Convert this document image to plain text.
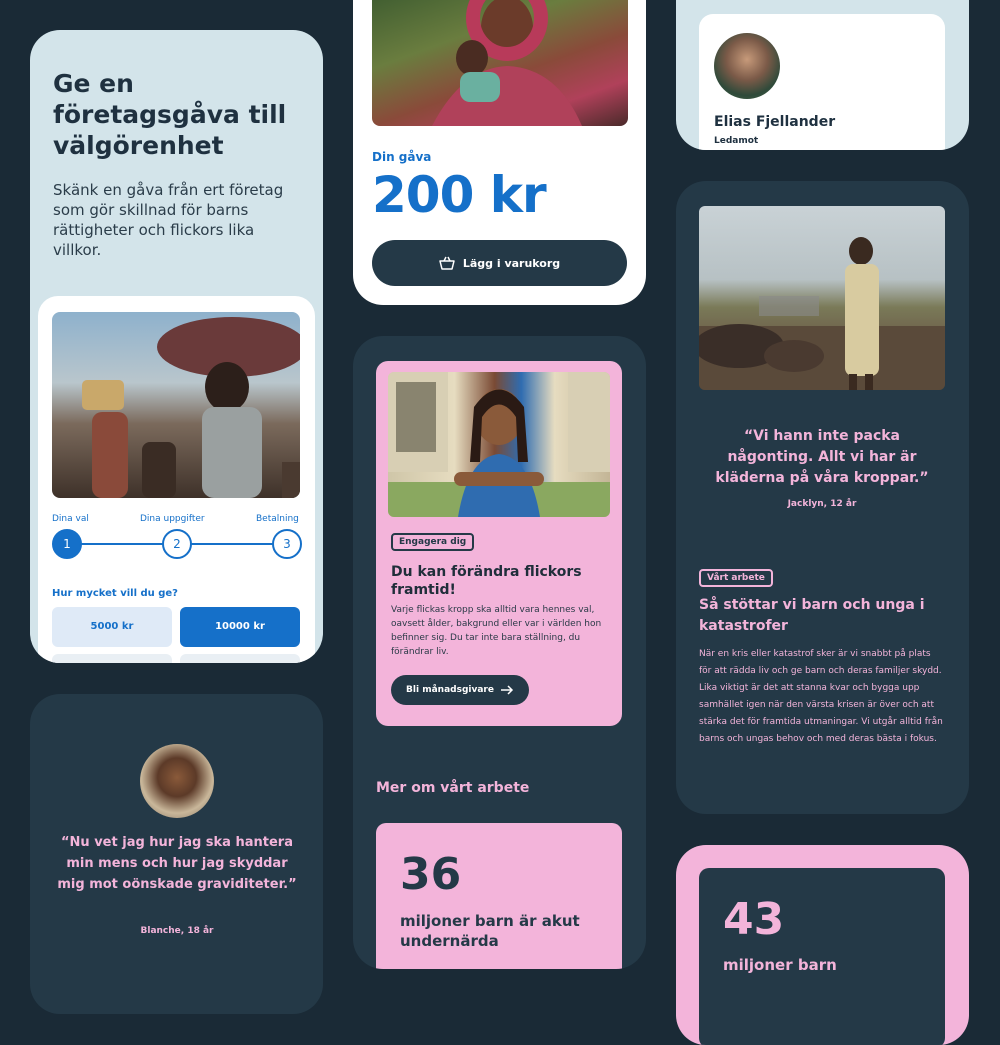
Ge en företagsgåva till välgörenhet

Skänk en gåva från ert företag som gör skillnad för barns rättigheter och flickors lika villkor.

Dina val	Dina uppgifter	Betalning
1	2	3
Hur mycket vill du ge?
5000 kr	10000 kr
Din gåva
200 kr
Lägg i varukorg
Elias Fjellander
Ledamot
Engagera dig
Du kan förändra flickors framtid!

Varje flickas kropp ska alltid vara hennes val, oavsett ålder, bakgrund eller var i världen hon befinner sig. Du tar inte bara ställning, du förändrar liv.

Bli månadsgivare
Mer om vårt arbete
36

miljoner barn är akut undernärda

“Vi hann inte packa någonting. Allt vi har är kläderna på våra kroppar.”

Jacklyn, 12 år
Vårt arbete
Så stöttar vi barn och unga i katastrofer

När en kris eller katastrof sker är vi snabbt på plats för att rädda liv och ge barn och deras familjer skydd. Lika viktigt är det att stanna kvar och bygga upp samhället igen när den värsta krisen är över och att stärka det för framtida utmaningar. Vi utgår alltid från barns och ungas behov och med deras bästa i fokus.

“Nu vet jag hur jag ska hantera min mens och hur jag skyddar mig mot oönskade graviditeter.”

Blanche, 18 år	43
miljoner barn
